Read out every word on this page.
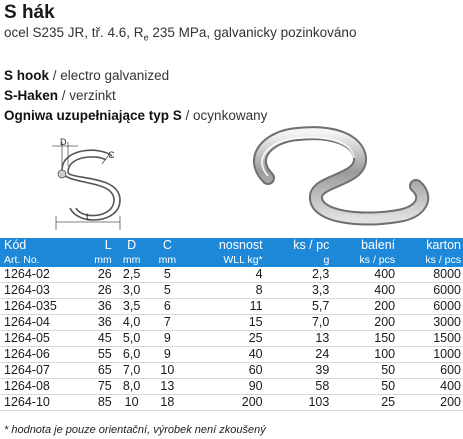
S hák
ocel S235 JR, tř. 4.6, $R_e$ 235 MPa, galvanicky pozinkováno
S hook / electro galvanized
S-Haken / verzinkt
Ogniwa uzupełniające typ S / ocynkowany
D
C
L
Kód	L	D	C	nosnost	ks / pc	balení	karton
Art. No.	mm	mm	mm	WLL kg*	g	ks / pcs	ks / pcs
1264-02	26	2,5	5	4	2,3	400	8000
1264-03	26	3,0	5	8	3,3	400	6000
1264-035	36	3,5	6	11	5,7	200	6000
1264-04	36	4,0	7	15	7,0	200	3000
1264-05	45	5,0	9	25	13	150	1500
1264-06	55	6,0	9	40	24	100	1000
1264-07	65	7,0	10	60	39	50	600
1264-08	75	8,0	13	90	58	50	400
1264-10	85	10	18	200	103	25	200
* hodnota je pouze orientační, výrobek není zkoušený
